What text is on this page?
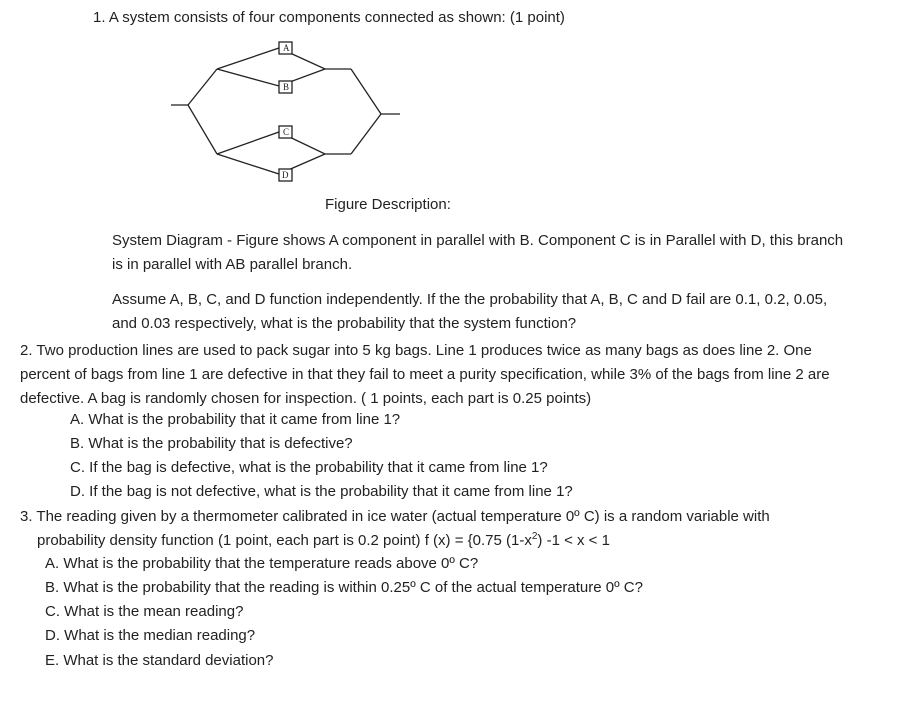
1. A system consists of four components connected as shown: (1 point)
A
B
C
D
Figure Description:
System Diagram - Figure shows A component in parallel with B. Component C is in Parallel with D, this branch is in parallel with AB parallel branch.
Assume A, B, C, and D function independently. If the the probability that A, B, C and D fail are 0.1, 0.2, 0.05, and 0.03 respectively, what is the probability that the system function?
2. Two production lines are used to pack sugar into 5 kg bags. Line 1 produces twice as many bags as does line 2. One percent of bags from line 1 are defective in that they fail to meet a purity specification, while 3% of the bags from line 2 are defective. A bag is randomly chosen for inspection. ( 1 points, each part is 0.25 points)
A. What is the probability that it came from line 1?
B. What is the probability that is defective?
C. If the bag is defective, what is the probability that it came from line 1?
D. If the bag is not defective, what is the probability that it came from line 1?
3. The reading given by a thermometer calibrated in ice water (actual temperature 0º C) is a random variable with
probability density function (1 point, each part is 0.2 point) f (x) = {0.75 $(1-x^2) -1 < x < 1$
A. What is the probability that the temperature reads above 0º C?
B. What is the probability that the reading is within 0.25º C of the actual temperature 0º C?
C. What is the mean reading?
D. What is the median reading?
E. What is the standard deviation?
